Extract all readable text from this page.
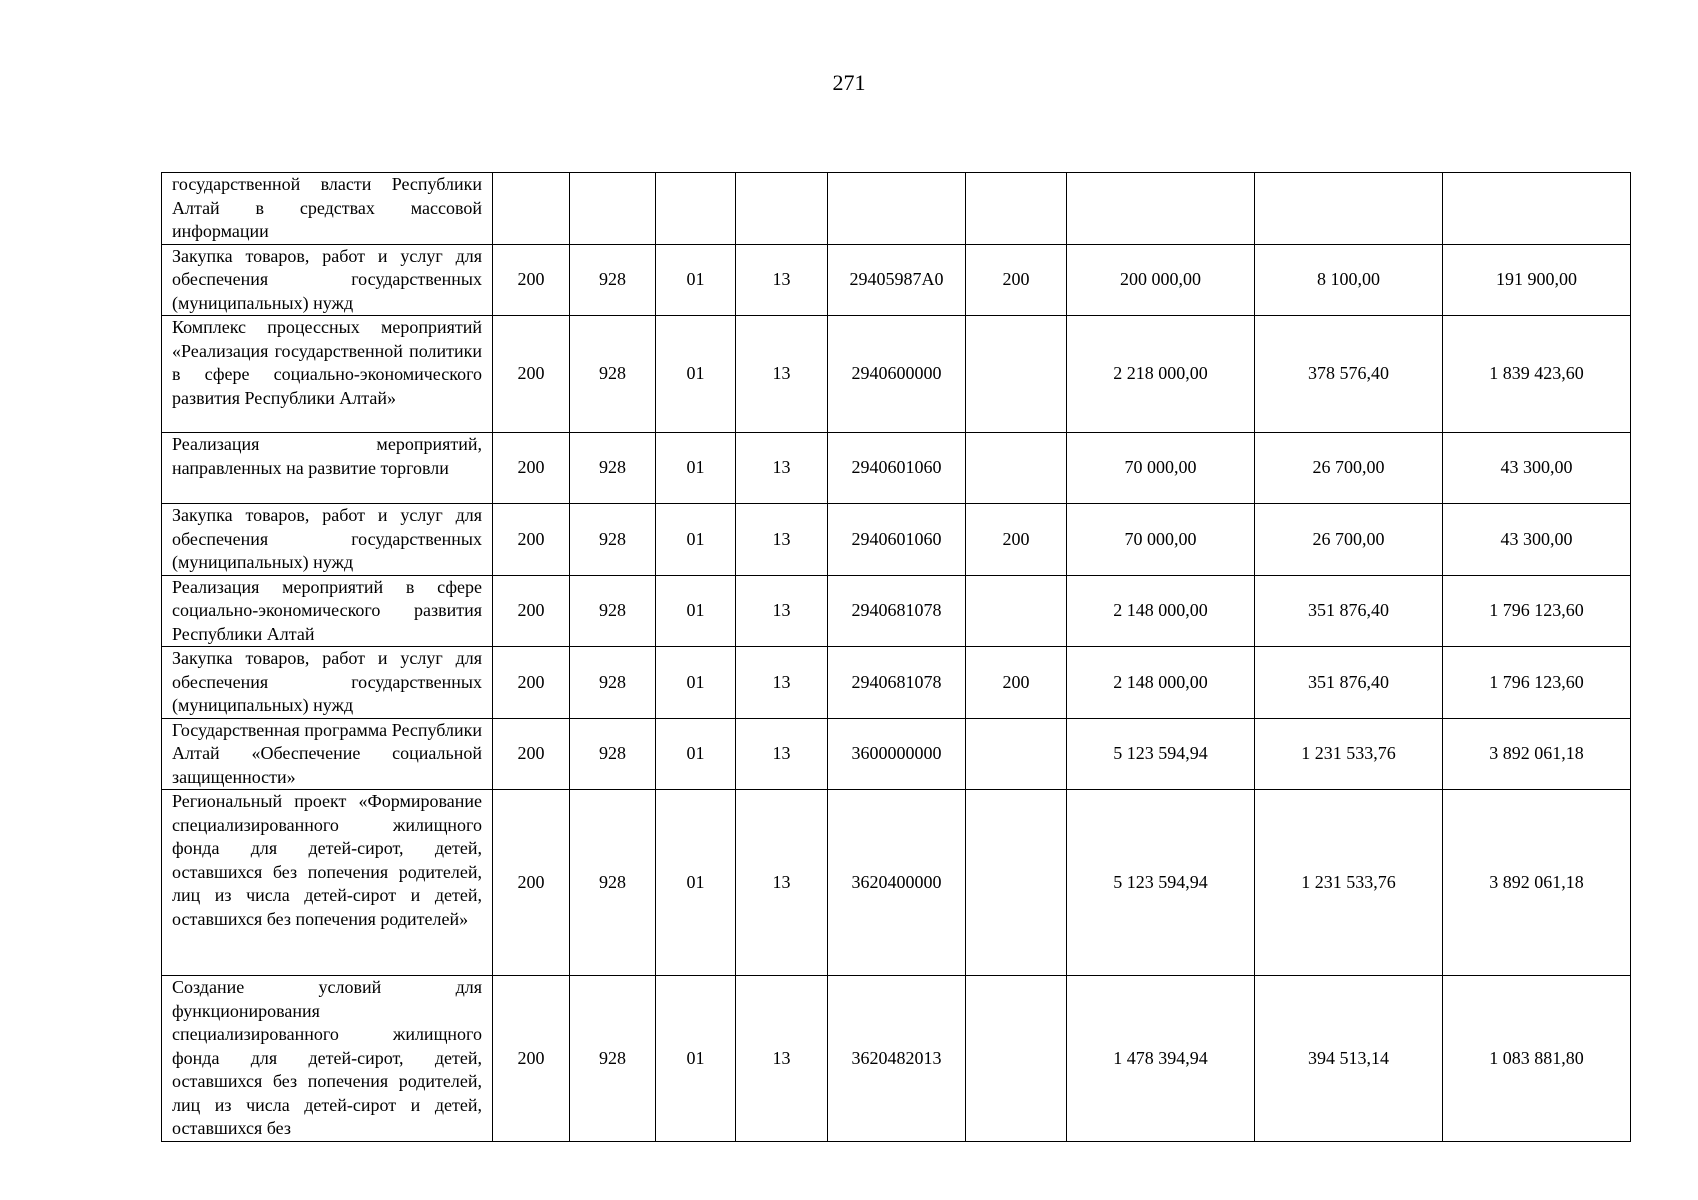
271
государственной власти Республики Алтай в средствах массовой информации									
Закупка товаров, работ и услуг для обеспечения государственных (муниципальных) нужд	200	928	01	13	29405987А0	200	200 000,00	8 100,00	191 900,00
Комплекс процессных мероприятий «Реализация государственной политики в сфере социально-экономического развития Республики Алтай»	200	928	01	13	2940600000		2 218 000,00	378 576,40	1 839 423,60
Реализация мероприятий, направленных на развитие торговли	200	928	01	13	2940601060		70 000,00	26 700,00	43 300,00
Закупка товаров, работ и услуг для обеспечения государственных (муниципальных) нужд	200	928	01	13	2940601060	200	70 000,00	26 700,00	43 300,00
Реализация мероприятий в сфере социально-экономического развития Республики Алтай	200	928	01	13	2940681078		2 148 000,00	351 876,40	1 796 123,60
Закупка товаров, работ и услуг для обеспечения государственных (муниципальных) нужд	200	928	01	13	2940681078	200	2 148 000,00	351 876,40	1 796 123,60
Государственная программа Республики Алтай «Обеспечение социальной защищенности»	200	928	01	13	3600000000		5 123 594,94	1 231 533,76	3 892 061,18
Региональный проект «Формирование специализированного жилищного фонда для детей-сирот, детей, оставшихся без попечения родителей, лиц из числа детей-сирот и детей, оставшихся без попечения родителей»	200	928	01	13	3620400000		5 123 594,94	1 231 533,76	3 892 061,18
Создание условий для функционирования специализированного жилищного фонда для детей-сирот, детей, оставшихся без попечения родителей, лиц из числа детей-сирот и детей, оставшихся без	200	928	01	13	3620482013		1 478 394,94	394 513,14	1 083 881,80
